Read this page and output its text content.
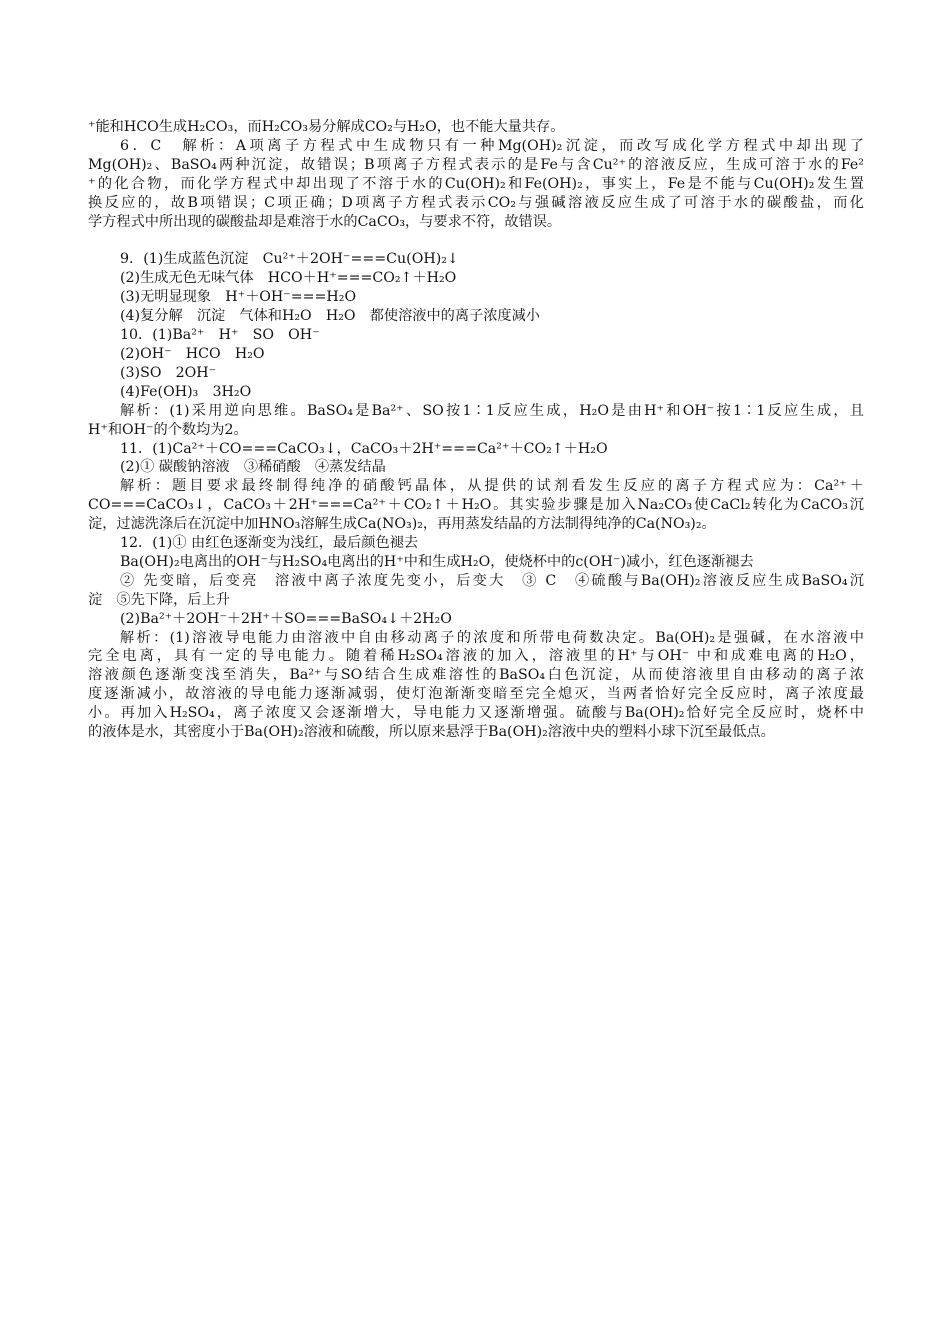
⁺能和HCO生成H₂CO₃，而H₂CO₃易分解成CO₂与H₂O，也不能大量共存。
6．C　解析：A项离子方程式中生成物只有一种Mg(OH)₂沉淀，而改写成化学方程式中却出现了
Mg(OH)₂、BaSO₄两种沉淀，故错误；B项离子方程式表示的是Fe与含Cu²⁺的溶液反应，生成可溶于水的Fe²
⁺的化合物，而化学方程式中却出现了不溶于水的Cu(OH)₂和Fe(OH)₂，事实上，Fe是不能与Cu(OH)₂发生置
换反应的，故B项错误；C项正确；D项离子方程式表示CO₂与强碱溶液反应生成了可溶于水的碳酸盐，而化
学方程式中所出现的碳酸盐却是难溶于水的CaCO₃，与要求不符，故错误。
9．(1)生成蓝色沉淀　Cu²⁺＋2OH⁻===Cu(OH)₂↓
(2)生成无色无味气体　HCO＋H⁺===CO₂↑＋H₂O
(3)无明显现象　H⁺＋OH⁻===H₂O
(4)复分解　沉淀　气体和H₂O　H₂O　都使溶液中的离子浓度减小
10．(1)Ba²⁺　H⁺　SO　OH⁻
(2)OH⁻　HCO　H₂O
(3)SO　2OH⁻
(4)Fe(OH)₃　3H₂O
解析：(1)采用逆向思维。BaSO₄是Ba²⁺、SO按1∶1反应生成，H₂O是由H⁺和OH⁻按1∶1反应生成，且
H⁺和OH⁻的个数均为2。
11．(1)Ca²⁺＋CO===CaCO₃↓，CaCO₃＋2H⁺===Ca²⁺＋CO₂↑＋H₂O
(2)① 碳酸钠溶液　③稀硝酸　④蒸发结晶
解析：题目要求最终制得纯净的硝酸钙晶体，从提供的试剂看发生反应的离子方程式应为：Ca²⁺＋
CO===CaCO₃↓，CaCO₃＋2H⁺===Ca²⁺＋CO₂↑＋H₂O。其实验步骤是加入Na₂CO₃使CaCl₂转化为CaCO₃沉
淀，过滤洗涤后在沉淀中加HNO₃溶解生成Ca(NO₃)₂，再用蒸发结晶的方法制得纯净的Ca(NO₃)₂。
12．(1)① 由红色逐渐变为浅红，最后颜色褪去
Ba(OH)₂电离出的OH⁻与H₂SO₄电离出的H⁺中和生成H₂O，使烧杯中的c(OH⁻)减小，红色逐渐褪去
② 先变暗，后变亮　溶液中离子浓度先变小，后变大　③ C　④硫酸与Ba(OH)₂溶液反应生成BaSO₄沉
淀　⑤先下降，后上升
(2)Ba²⁺＋2OH⁻＋2H⁺＋SO===BaSO₄↓＋2H₂O
解析：(1)溶液导电能力由溶液中自由移动离子的浓度和所带电荷数决定。Ba(OH)₂是强碱，在水溶液中
完全电离，具有一定的导电能力。随着稀H₂SO₄溶液的加入，溶液里的H⁺与OH⁻ 中和成难电离的H₂O，
溶液颜色逐渐变浅至消失，Ba²⁺与SO结合生成难溶性的BaSO₄白色沉淀，从而使溶液里自由移动的离子浓
度逐渐减小，故溶液的导电能力逐渐减弱，使灯泡渐渐变暗至完全熄灭，当两者恰好完全反应时，离子浓度最
小。再加入H₂SO₄，离子浓度又会逐渐增大，导电能力又逐渐增强。硫酸与Ba(OH)₂恰好完全反应时，烧杯中
的液体是水，其密度小于Ba(OH)₂溶液和硫酸，所以原来悬浮于Ba(OH)₂溶液中央的塑料小球下沉至最低点。
